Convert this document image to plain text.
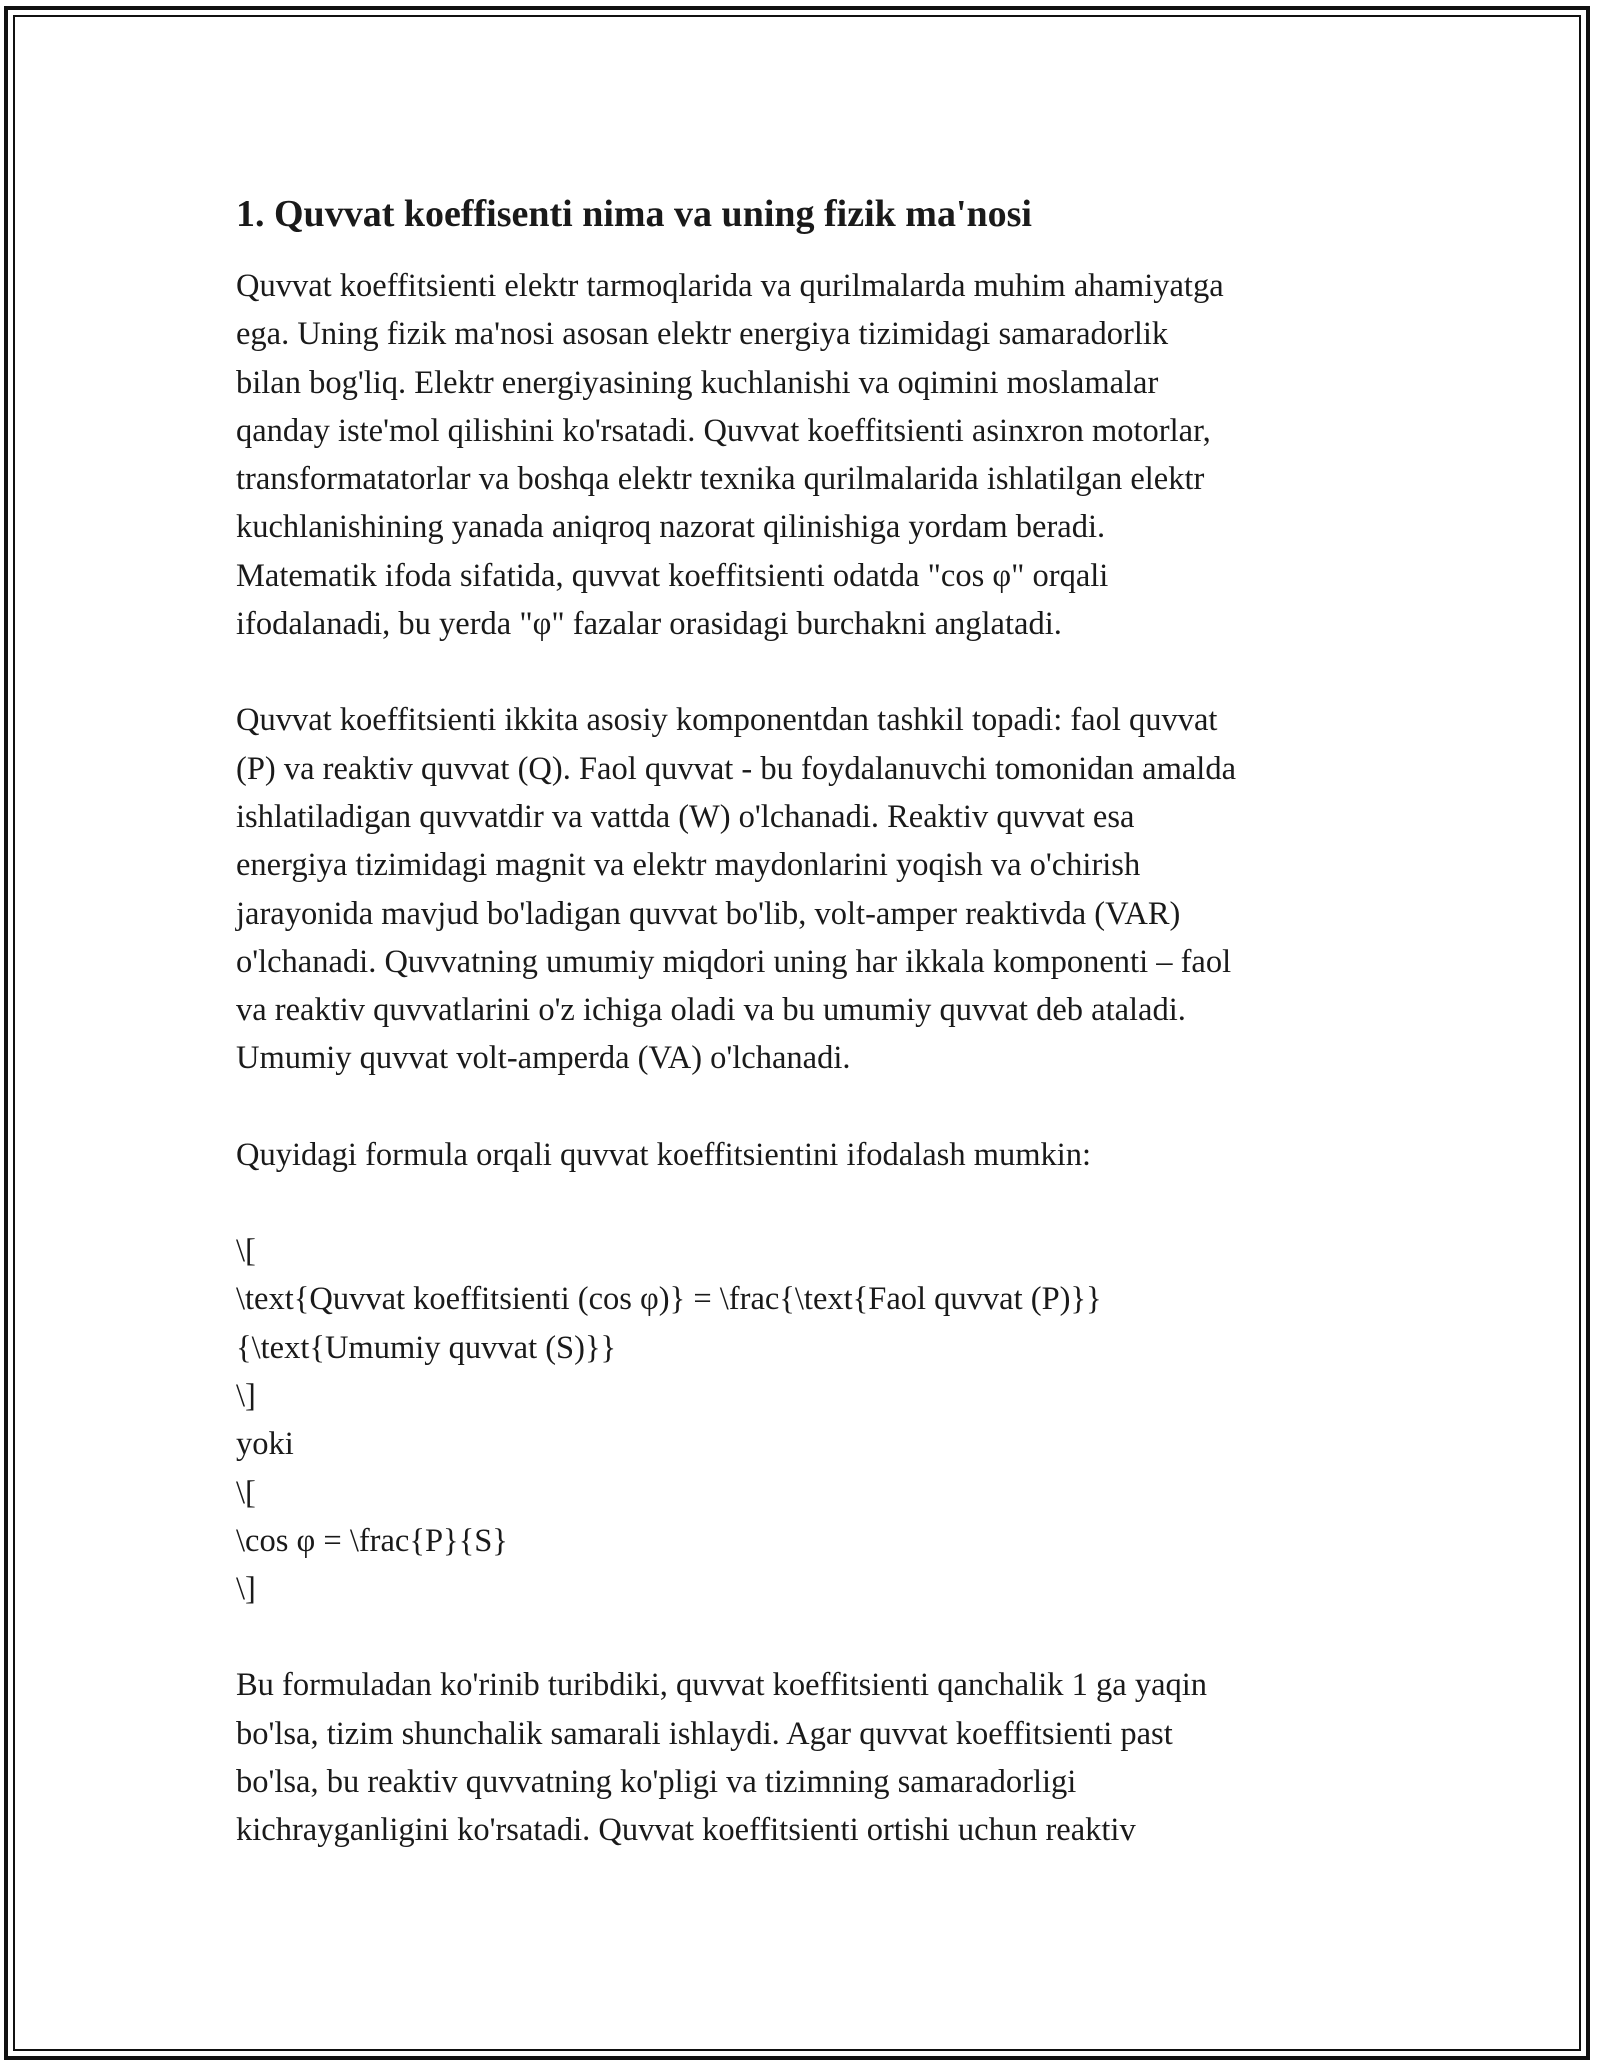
1. Quvvat koeffisenti nima va uning fizik ma'nosi
Quvvat koeffitsienti elektr tarmoqlarida va qurilmalarda muhim ahamiyatga
ega. Uning fizik ma'nosi asosan elektr energiya tizimidagi samaradorlik
bilan bog'liq. Elektr energiyasining kuchlanishi va oqimini moslamalar
qanday iste'mol qilishini ko'rsatadi. Quvvat koeffitsienti asinxron motorlar,
transformatatorlar va boshqa elektr texnika qurilmalarida ishlatilgan elektr
kuchlanishining yanada aniqroq nazorat qilinishiga yordam beradi.
Matematik ifoda sifatida, quvvat koeffitsienti odatda "cos φ" orqali
ifodalanadi, bu yerda "φ" fazalar orasidagi burchakni anglatadi.
Quvvat koeffitsienti ikkita asosiy komponentdan tashkil topadi: faol quvvat
(P) va reaktiv quvvat (Q). Faol quvvat - bu foydalanuvchi tomonidan amalda
ishlatiladigan quvvatdir va vattda (W) o'lchanadi. Reaktiv quvvat esa
energiya tizimidagi magnit va elektr maydonlarini yoqish va o'chirish
jarayonida mavjud bo'ladigan quvvat bo'lib, volt-amper reaktivda (VAR)
o'lchanadi. Quvvatning umumiy miqdori uning har ikkala komponenti – faol
va reaktiv quvvatlarini o'z ichiga oladi va bu umumiy quvvat deb ataladi.
Umumiy quvvat volt-amperda (VA) o'lchanadi.
Quyidagi formula orqali quvvat koeffitsientini ifodalash mumkin:
\[
\text{Quvvat koeffitsienti (cos φ)} = \frac{\text{Faol quvvat (P)}}
{\text{Umumiy quvvat (S)}}
\]
yoki
\[
\cos φ = \frac{P}{S}
\]
Bu formuladan ko'rinib turibdiki, quvvat koeffitsienti qanchalik 1 ga yaqin
bo'lsa, tizim shunchalik samarali ishlaydi. Agar quvvat koeffitsienti past
bo'lsa, bu reaktiv quvvatning ko'pligi va tizimning samaradorligi
kichrayganligini ko'rsatadi. Quvvat koeffitsienti ortishi uchun reaktiv
